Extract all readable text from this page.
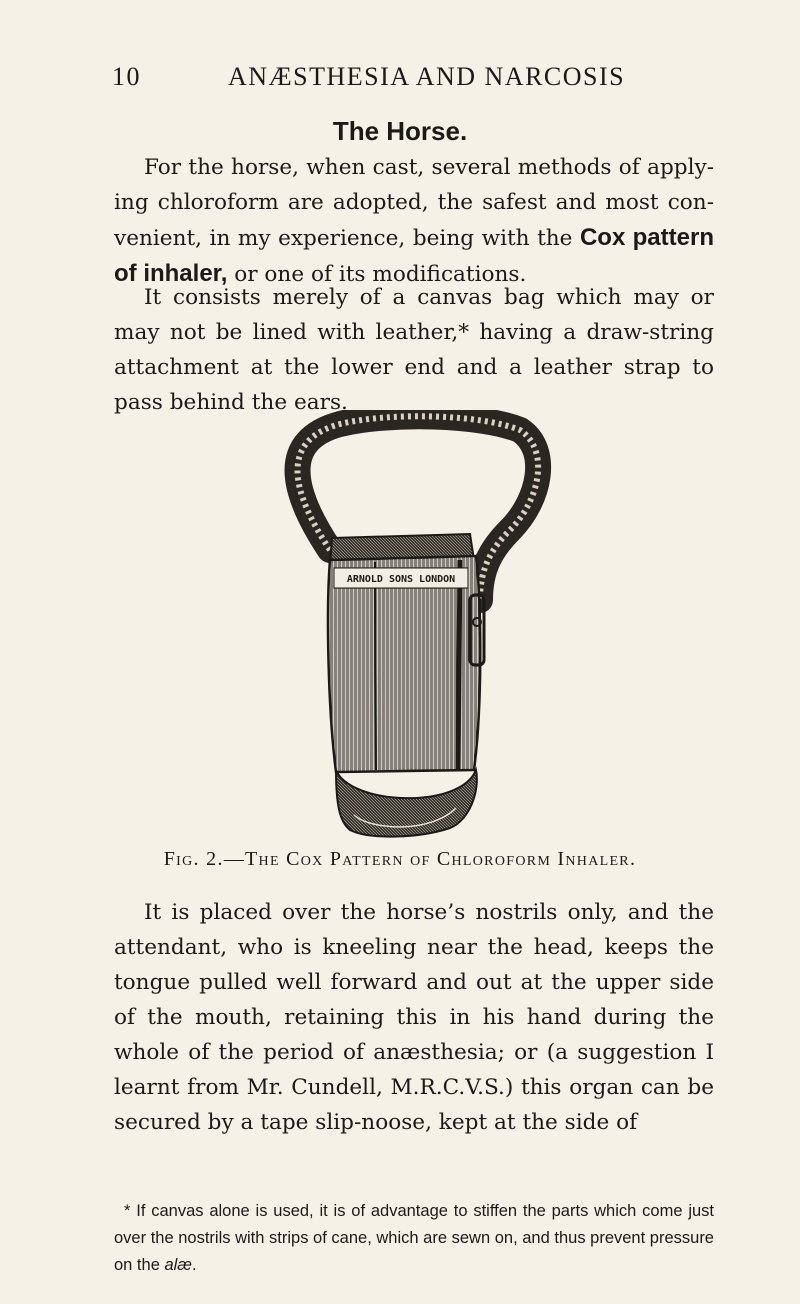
10	ANÆSTHESIA AND NARCOSIS
The Horse.

For the horse, when cast, several methods of apply-ing chloroform are adopted, the safest and most con-venient, in my experience, being with the Cox pattern of inhaler, or one of its modifications.

It consists merely of a canvas bag which may or may not be lined with leather,* having a draw-string attachment at the lower end and a leather strap to pass behind the ears.

ARNOLD SONS LONDON
Fig. 2.—The Cox Pattern of Chloroform Inhaler.

It is placed over the horse’s nostrils only, and the attendant, who is kneeling near the head, keeps the tongue pulled well forward and out at the upper side of the mouth, retaining this in his hand during the whole of the period of anæsthesia; or (a suggestion I learnt from Mr. Cundell, M.R.C.V.S.) this organ can be secured by a tape slip-noose, kept at the side of

* If canvas alone is used, it is of advantage to stiffen the parts which come just over the nostrils with strips of cane, which are sewn on, and thus prevent pressure on the alæ.
